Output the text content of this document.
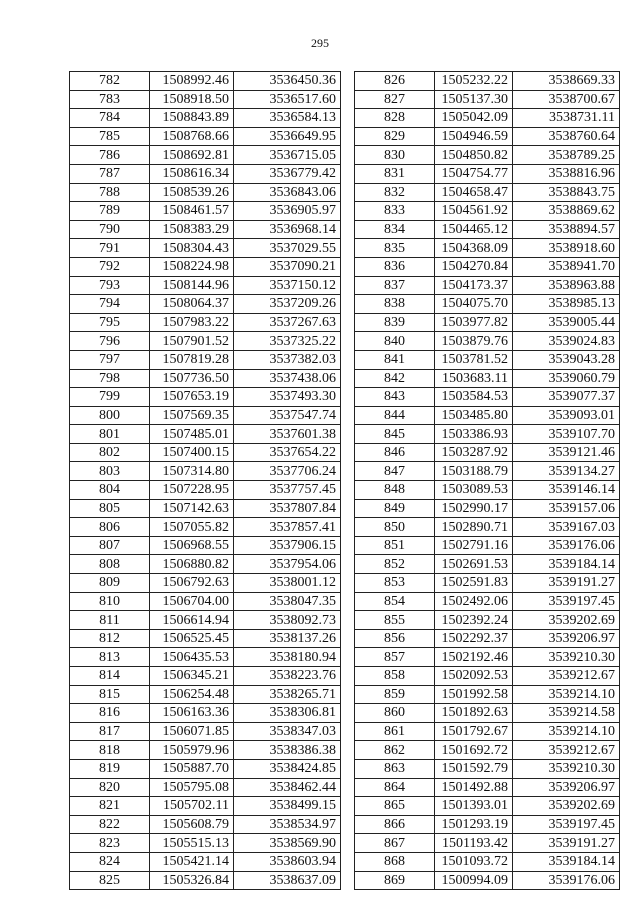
295
782	1508992.46	3536450.36
783	1508918.50	3536517.60
784	1508843.89	3536584.13
785	1508768.66	3536649.95
786	1508692.81	3536715.05
787	1508616.34	3536779.42
788	1508539.26	3536843.06
789	1508461.57	3536905.97
790	1508383.29	3536968.14
791	1508304.43	3537029.55
792	1508224.98	3537090.21
793	1508144.96	3537150.12
794	1508064.37	3537209.26
795	1507983.22	3537267.63
796	1507901.52	3537325.22
797	1507819.28	3537382.03
798	1507736.50	3537438.06
799	1507653.19	3537493.30
800	1507569.35	3537547.74
801	1507485.01	3537601.38
802	1507400.15	3537654.22
803	1507314.80	3537706.24
804	1507228.95	3537757.45
805	1507142.63	3537807.84
806	1507055.82	3537857.41
807	1506968.55	3537906.15
808	1506880.82	3537954.06
809	1506792.63	3538001.12
810	1506704.00	3538047.35
811	1506614.94	3538092.73
812	1506525.45	3538137.26
813	1506435.53	3538180.94
814	1506345.21	3538223.76
815	1506254.48	3538265.71
816	1506163.36	3538306.81
817	1506071.85	3538347.03
818	1505979.96	3538386.38
819	1505887.70	3538424.85
820	1505795.08	3538462.44
821	1505702.11	3538499.15
822	1505608.79	3538534.97
823	1505515.13	3538569.90
824	1505421.14	3538603.94
825	1505326.84	3538637.09
826	1505232.22	3538669.33
827	1505137.30	3538700.67
828	1505042.09	3538731.11
829	1504946.59	3538760.64
830	1504850.82	3538789.25
831	1504754.77	3538816.96
832	1504658.47	3538843.75
833	1504561.92	3538869.62
834	1504465.12	3538894.57
835	1504368.09	3538918.60
836	1504270.84	3538941.70
837	1504173.37	3538963.88
838	1504075.70	3538985.13
839	1503977.82	3539005.44
840	1503879.76	3539024.83
841	1503781.52	3539043.28
842	1503683.11	3539060.79
843	1503584.53	3539077.37
844	1503485.80	3539093.01
845	1503386.93	3539107.70
846	1503287.92	3539121.46
847	1503188.79	3539134.27
848	1503089.53	3539146.14
849	1502990.17	3539157.06
850	1502890.71	3539167.03
851	1502791.16	3539176.06
852	1502691.53	3539184.14
853	1502591.83	3539191.27
854	1502492.06	3539197.45
855	1502392.24	3539202.69
856	1502292.37	3539206.97
857	1502192.46	3539210.30
858	1502092.53	3539212.67
859	1501992.58	3539214.10
860	1501892.63	3539214.58
861	1501792.67	3539214.10
862	1501692.72	3539212.67
863	1501592.79	3539210.30
864	1501492.88	3539206.97
865	1501393.01	3539202.69
866	1501293.19	3539197.45
867	1501193.42	3539191.27
868	1501093.72	3539184.14
869	1500994.09	3539176.06
